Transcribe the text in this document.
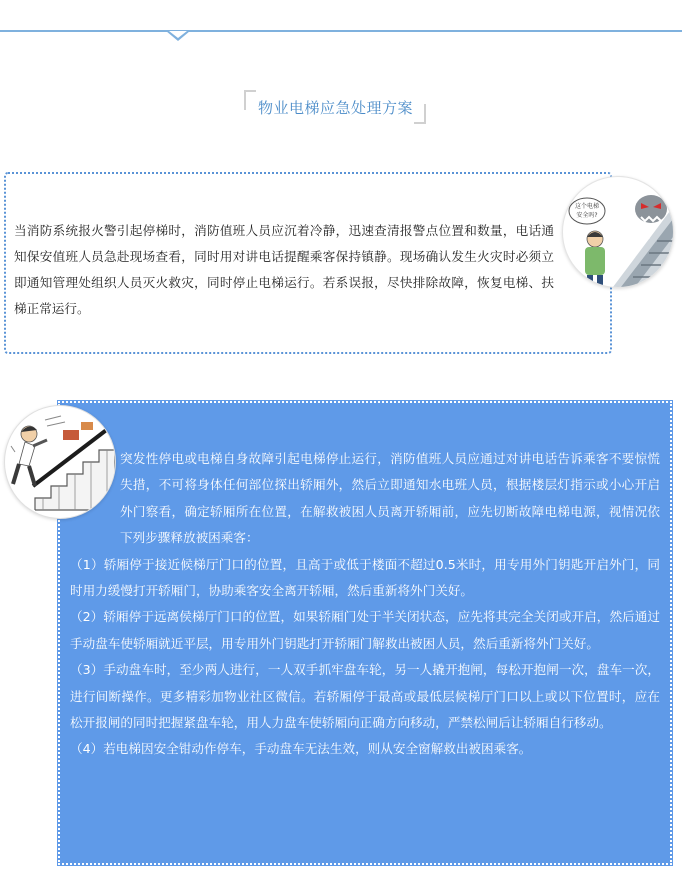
物业电梯应急处理方案
当消防系统报火警引起停梯时，消防值班人员应沉着冷静，迅速查清报警点位置和数量，电话通知保安值班人员急赴现场查看，同时用对讲电话提醒乘客保持镇静。现场确认发生火灾时必须立即通知管理处组织人员灭火救灾，同时停止电梯运行。若系误报，尽快排除故障，恢复电梯、扶梯正常运行。
这个电梯
安全吗?

突发性停电或电梯自身故障引起电梯停止运行，消防值班人员应通过对讲电话告诉乘客不要惊慌失措，不可将身体任何部位探出轿厢外，然后立即通知水电班人员，根据楼层灯指示或小心开启外门察看，确定轿厢所在位置，在解救被困人员离开轿厢前，应先切断故障电梯电源，视情况依下列步骤释放被困乘客：

（1）轿厢停于接近候梯厅门口的位置，且高于或低于楼面不超过0.5米时，用专用外门钥匙开启外门，同时用力缓慢打开轿厢门，协助乘客安全离开轿厢，然后重新将外门关好。

（2）轿厢停于远离侯梯厅门口的位置，如果轿厢门处于半关闭状态，应先将其完全关闭或开启，然后通过手动盘车使轿厢就近平层，用专用外门钥匙打开轿厢门解救出被困人员，然后重新将外门关好。

（3）手动盘车时，至少两人进行，一人双手抓牢盘车轮，另一人撬开抱闸，每松开抱闸一次，盘车一次，进行间断操作。更多精彩加物业社区微信。若轿厢停于最高或最低层候梯厅门口以上或以下位置时，应在松开报闸的同时把握紧盘车轮，用人力盘车使轿厢向正确方向移动，严禁松闸后让轿厢自行移动。

（4）若电梯因安全钳动作停车，手动盘车无法生效，则从安全窗解救出被困乘客。
